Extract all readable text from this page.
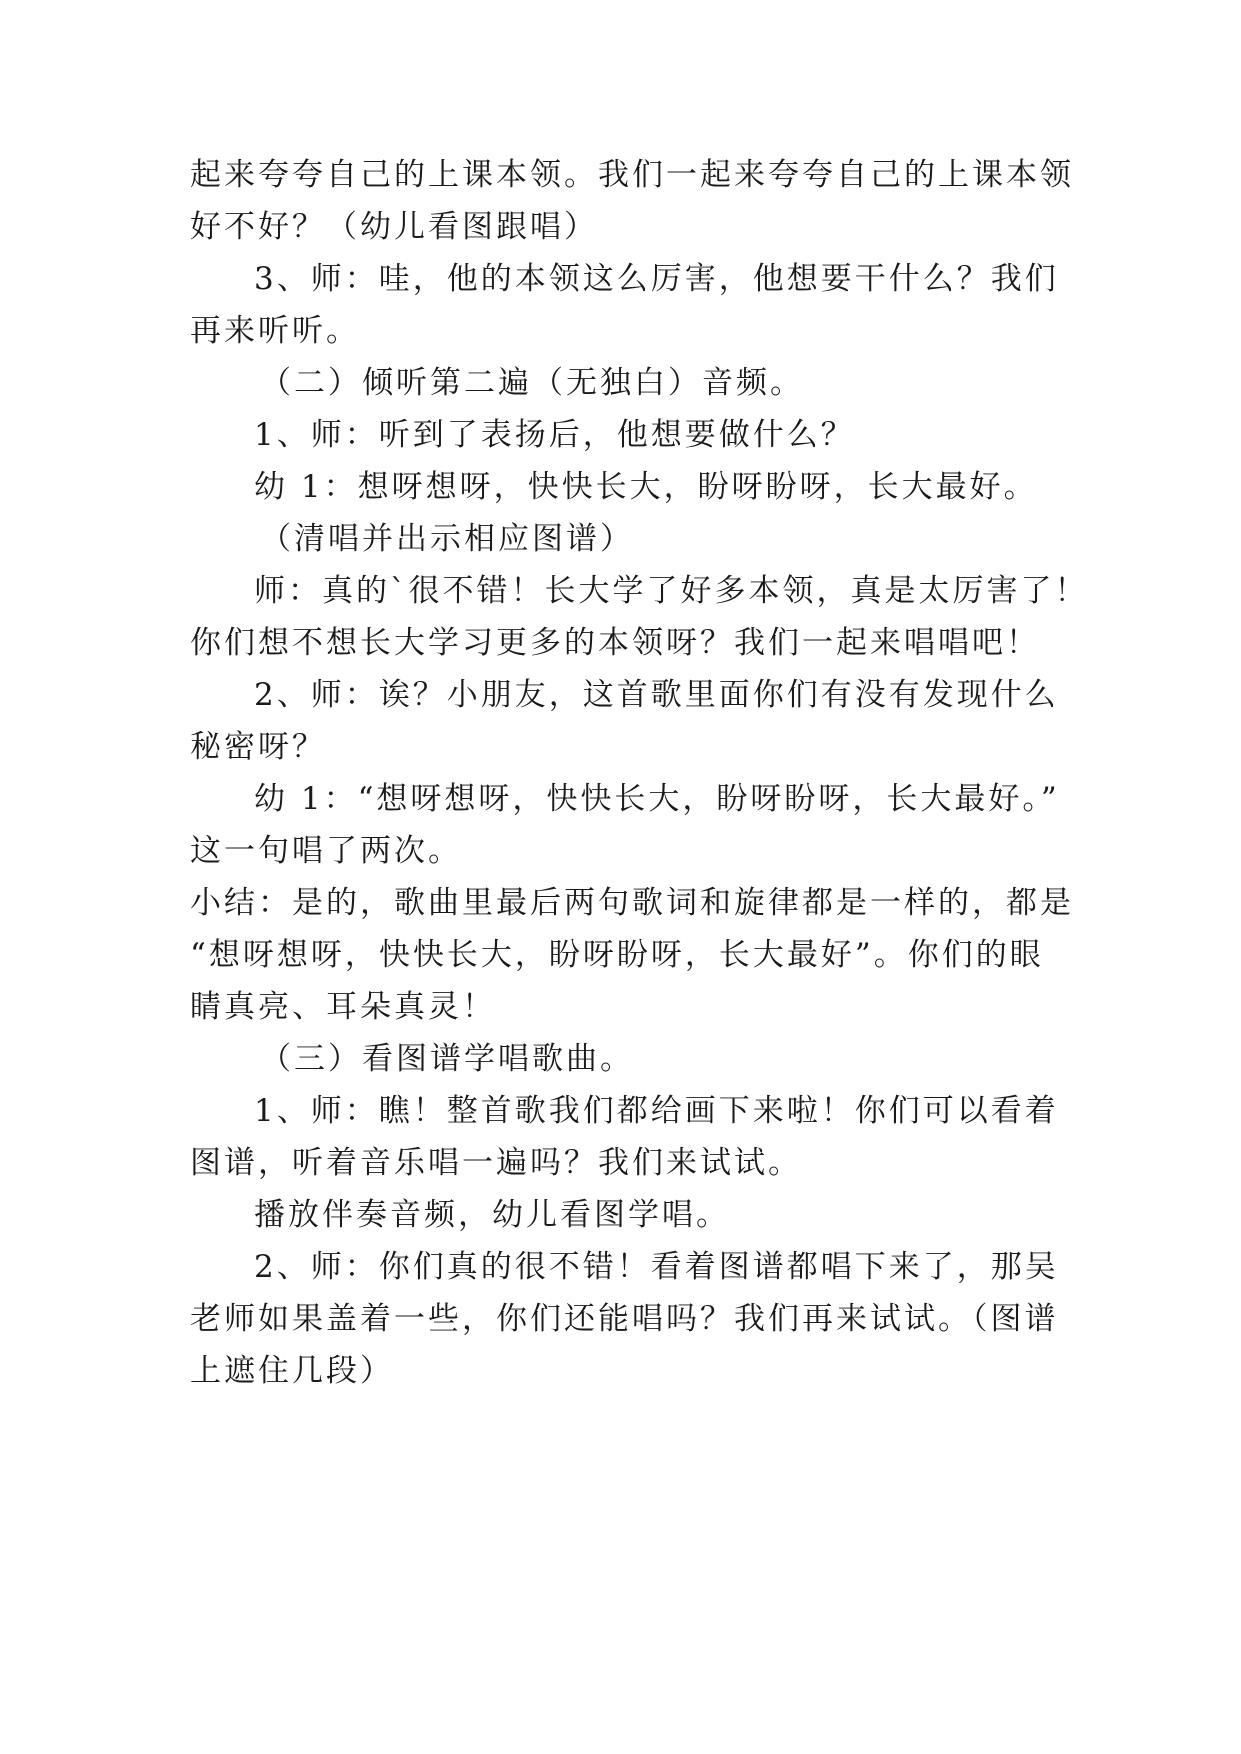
起来夸夸自己的上课本领。我们一起来夸夸自己的上课本领
好不好？（幼儿看图跟唱）
3、师：哇，他的本领这么厉害，他想要干什么？我们
再来听听。
（二）倾听第二遍（无独白）音频。
1、师：听到了表扬后，他想要做什么？
幼 1：想呀想呀，快快长大，盼呀盼呀，长大最好。
（清唱并出示相应图谱）
师：真的`很不错！长大学了好多本领，真是太厉害了！
你们想不想长大学习更多的本领呀？我们一起来唱唱吧！
2、师：诶？小朋友，这首歌里面你们有没有发现什么
秘密呀？
幼 1：“想呀想呀，快快长大，盼呀盼呀，长大最好。”
这一句唱了两次。
小结：是的，歌曲里最后两句歌词和旋律都是一样的，都是
“想呀想呀，快快长大，盼呀盼呀，长大最好”。你们的眼
睛真亮、耳朵真灵！
（三）看图谱学唱歌曲。
1、师：瞧！整首歌我们都给画下来啦！你们可以看着
图谱，听着音乐唱一遍吗？我们来试试。
播放伴奏音频，幼儿看图学唱。
2、师：你们真的很不错！看着图谱都唱下来了，那吴
老师如果盖着一些，你们还能唱吗？我们再来试试。（图谱
上遮住几段）
